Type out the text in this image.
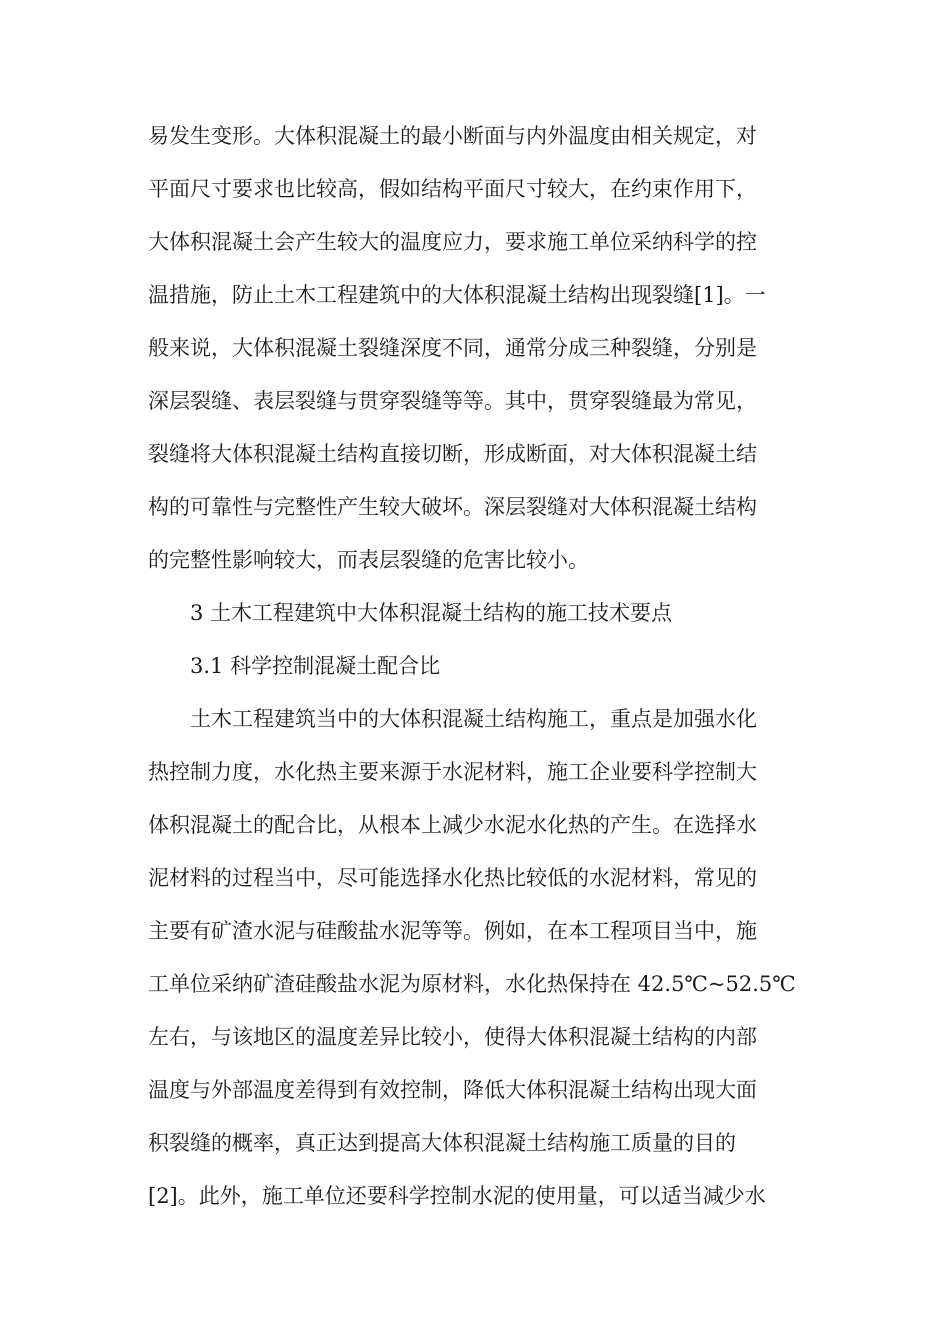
易发生变形。大体积混凝土的最小断面与内外温度由相关规定，对
平面尺寸要求也比较高，假如结构平面尺寸较大，在约束作用下，
大体积混凝土会产生较大的温度应力，要求施工单位采纳科学的控
温措施，防止土木工程建筑中的大体积混凝土结构出现裂缝[1]。一
般来说，大体积混凝土裂缝深度不同，通常分成三种裂缝，分别是
深层裂缝、表层裂缝与贯穿裂缝等等。其中，贯穿裂缝最为常见，
裂缝将大体积混凝土结构直接切断，形成断面，对大体积混凝土结
构的可靠性与完整性产生较大破坏。深层裂缝对大体积混凝土结构
的完整性影响较大，而表层裂缝的危害比较小。
3 土木工程建筑中大体积混凝土结构的施工技术要点
3.1 科学控制混凝土配合比
土木工程建筑当中的大体积混凝土结构施工，重点是加强水化
热控制力度，水化热主要来源于水泥材料，施工企业要科学控制大
体积混凝土的配合比，从根本上减少水泥水化热的产生。在选择水
泥材料的过程当中，尽可能选择水化热比较低的水泥材料，常见的
主要有矿渣水泥与硅酸盐水泥等等。例如，在本工程项目当中，施
工单位采纳矿渣硅酸盐水泥为原材料，水化热保持在 42.5℃~52.5℃
左右，与该地区的温度差异比较小，使得大体积混凝土结构的内部
温度与外部温度差得到有效控制，降低大体积混凝土结构出现大面
积裂缝的概率，真正达到提高大体积混凝土结构施工质量的目的
[2]。此外，施工单位还要科学控制水泥的使用量，可以适当减少水
